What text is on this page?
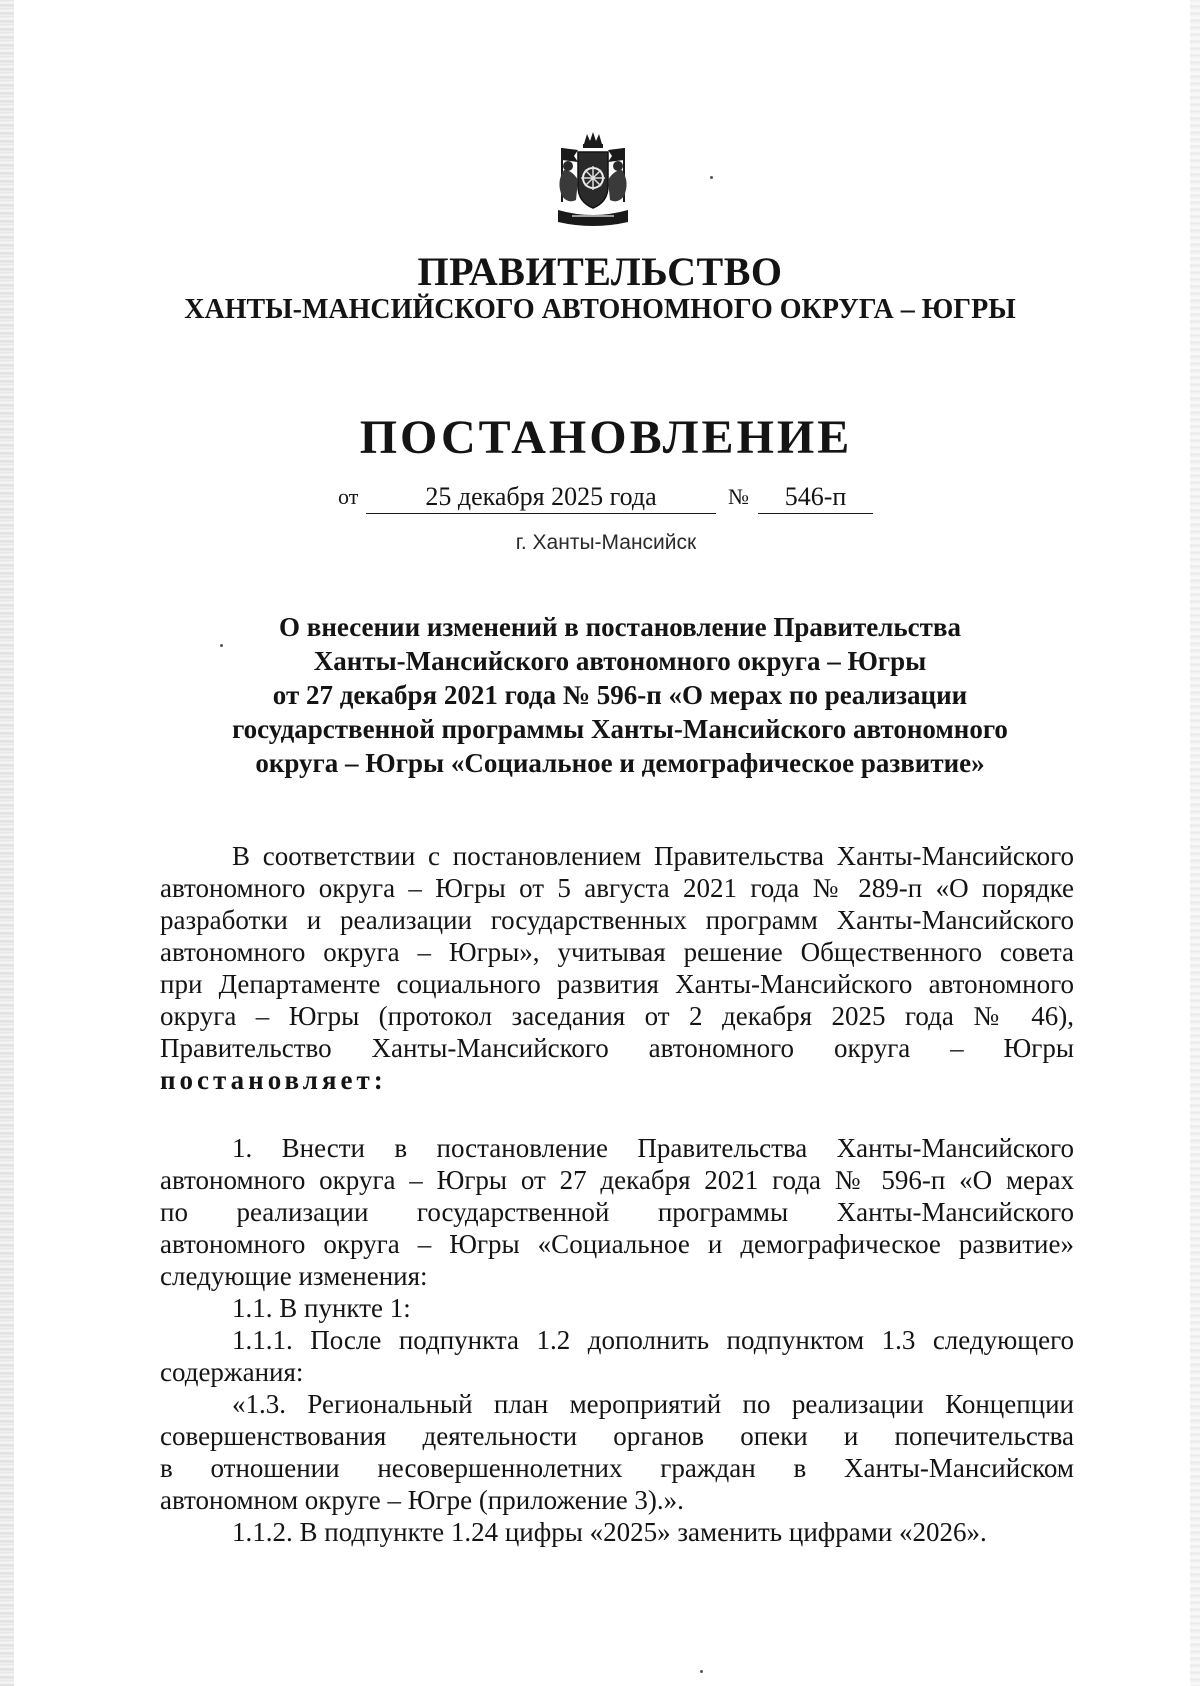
ПРАВИТЕЛЬСТВО
ХАНТЫ-МАНСИЙСКОГО АВТОНОМНОГО ОКРУГА – ЮГРЫ
ПОСТАНОВЛЕНИЕ
от	25 декабря 2025 года	№	546-п
г. Ханты-Мансийск
О внесении изменений в постановление Правительства
Ханты-Мансийского автономного округа – Югры
от 27 декабря 2021 года № 596-п «О мерах по реализации
государственной программы Ханты-Мансийского автономного
округа – Югры «Социальное и демографическое развитие»
В соответствии с постановлением Правительства Ханты-Мансийского
автономного округа – Югры от 5 августа 2021 года № 289-п «О порядке
разработки и реализации государственных программ Ханты-Мансийского
автономного округа – Югры», учитывая решение Общественного совета
при Департаменте социального развития Ханты-Мансийского автономного
округа – Югры (протокол заседания от 2 декабря 2025 года № 46),
Правительство Ханты-Мансийского автономного округа – Югры
постановляет:
1. Внести в постановление Правительства Ханты-Мансийского
автономного округа – Югры от 27 декабря 2021 года № 596-п «О мерах
по реализации государственной программы Ханты-Мансийского
автономного округа – Югры «Социальное и демографическое развитие»
следующие изменения:
1.1. В пункте 1:
1.1.1. После подпункта 1.2 дополнить подпунктом 1.3 следующего
содержания:
«1.3. Региональный план мероприятий по реализации Концепции
совершенствования деятельности органов опеки и попечительства
в отношении несовершеннолетних граждан в Ханты-Мансийском
автономном округе – Югре (приложение 3).».
1.1.2. В подпункте 1.24 цифры «2025» заменить цифрами «2026».
